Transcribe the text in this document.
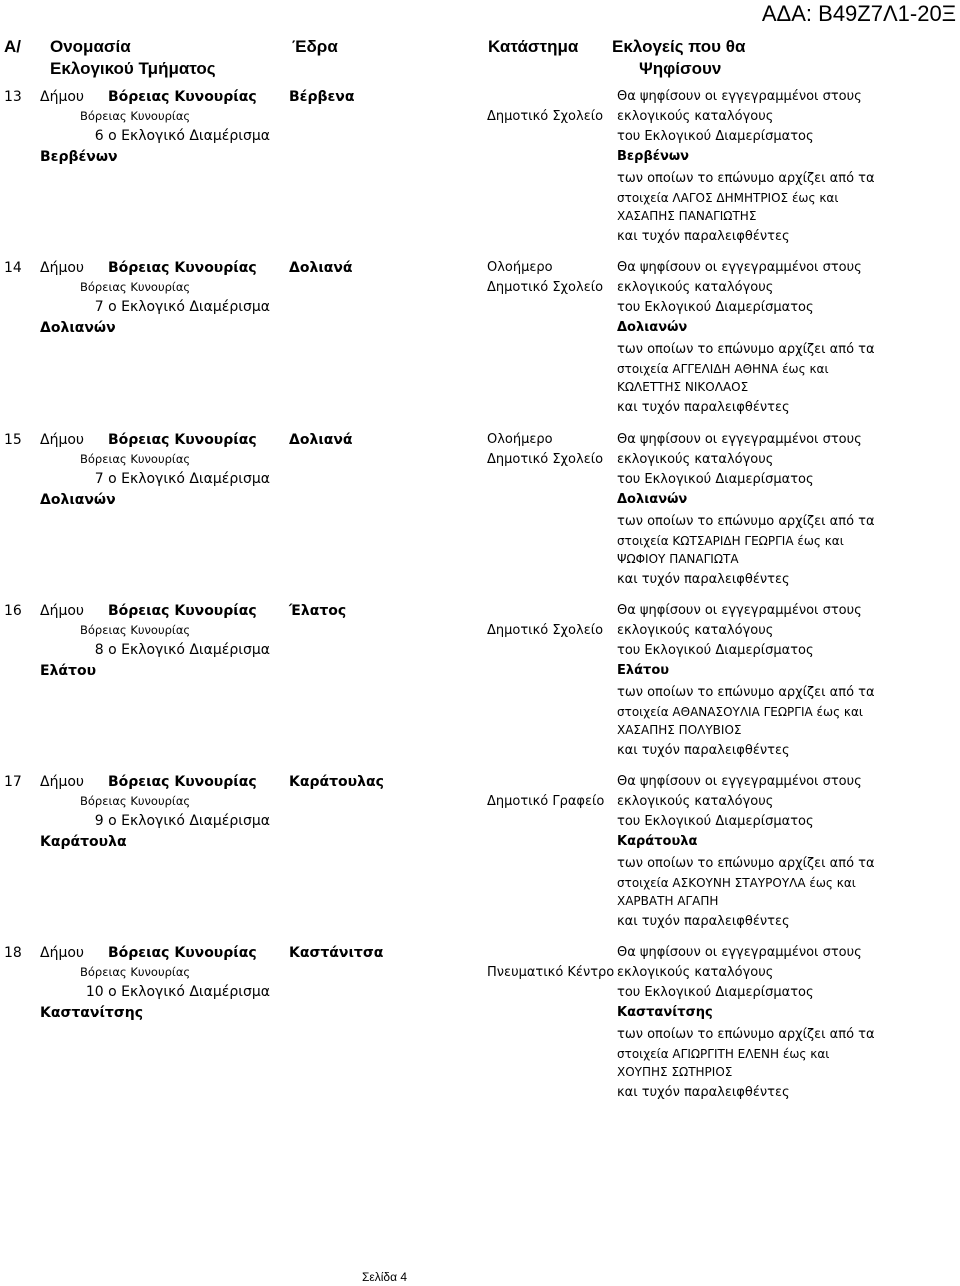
ΑΔΑ: Β49Ζ7Λ1-20Ξ
Α/ Ονομασία
Εκλογικού Τμήματος
Έδρα	Κατάστημα Εκλογείς που θα
Ψηφίσουν
13 Δήμου Βόρειας Κυνουρίας Βέρβενα
Βόρειας Κυνουρίας
6 ο Εκλογικό Διαμέρισμα
Βερβένων
Δημοτικό Σχολείο
Θα ψηφίσουν οι εγγεγραμμένοι στους
εκλογικούς καταλόγους
του Εκλογικού Διαμερίσματος
Βερβένων
των οποίων το επώνυμο αρχίζει από τα
στοιχεία ΛΑΓΟΣ ΔΗΜΗΤΡΙΟΣ έως και
ΧΑΣΑΠΗΣ ΠΑΝΑΓΙΩΤΗΣ
και τυχόν παραλειφθέντες
14 Δήμου Βόρειας Κυνουρίας Δολιανά
Βόρειας Κυνουρίας
7 ο Εκλογικό Διαμέρισμα
Δολιανών
Ολοήμερο
Δημοτικό Σχολείο
Θα ψηφίσουν οι εγγεγραμμένοι στους
εκλογικούς καταλόγους
του Εκλογικού Διαμερίσματος
Δολιανών
των οποίων το επώνυμο αρχίζει από τα
στοιχεία ΑΓΓΕΛΙΔΗ ΑΘΗΝΑ έως και
ΚΩΛΕΤΤΗΣ ΝΙΚΟΛΑΟΣ
και τυχόν παραλειφθέντες
15 Δήμου Βόρειας Κυνουρίας Δολιανά
Βόρειας Κυνουρίας
7 ο Εκλογικό Διαμέρισμα
Δολιανών
Ολοήμερο
Δημοτικό Σχολείο
Θα ψηφίσουν οι εγγεγραμμένοι στους
εκλογικούς καταλόγους
του Εκλογικού Διαμερίσματος
Δολιανών
των οποίων το επώνυμο αρχίζει από τα
στοιχεία ΚΩΤΣΑΡΙΔΗ ΓΕΩΡΓΙΑ έως και
ΨΩΦΙΟΥ ΠΑΝΑΓΙΩΤΑ
και τυχόν παραλειφθέντες
16 Δήμου Βόρειας Κυνουρίας Έλατος
Βόρειας Κυνουρίας
8 ο Εκλογικό Διαμέρισμα
Ελάτου
Δημοτικό Σχολείο
Θα ψηφίσουν οι εγγεγραμμένοι στους
εκλογικούς καταλόγους
του Εκλογικού Διαμερίσματος
Ελάτου
των οποίων το επώνυμο αρχίζει από τα
στοιχεία ΑΘΑΝΑΣΟΥΛΙΑ ΓΕΩΡΓΙΑ έως και
ΧΑΣΑΠΗΣ ΠΟΛΥΒΙΟΣ
και τυχόν παραλειφθέντες
17 Δήμου Βόρειας Κυνουρίας Καράτουλας
Βόρειας Κυνουρίας
9 ο Εκλογικό Διαμέρισμα
Καράτουλα
Δημοτικό Γραφείο
Θα ψηφίσουν οι εγγεγραμμένοι στους
εκλογικούς καταλόγους
του Εκλογικού Διαμερίσματος
Καράτουλα
των οποίων το επώνυμο αρχίζει από τα
στοιχεία ΑΣΚΟΥΝΗ ΣΤΑΥΡΟΥΛΑ έως και
ΧΑΡΒΑΤΗ ΑΓΑΠΗ
και τυχόν παραλειφθέντες
18 Δήμου Βόρειας Κυνουρίας Καστάνιτσα
Βόρειας Κυνουρίας
10 ο Εκλογικό Διαμέρισμα
Καστανίτσης
Πνευματικό Κέντρο
Θα ψηφίσουν οι εγγεγραμμένοι στους
εκλογικούς καταλόγους
του Εκλογικού Διαμερίσματος
Καστανίτσης
των οποίων το επώνυμο αρχίζει από τα
στοιχεία ΑΓΙΩΡΓΙΤΗ ΕΛΕΝΗ έως και
ΧΟΥΠΗΣ ΣΩΤΗΡΙΟΣ
και τυχόν παραλειφθέντες
Σελίδα 4
